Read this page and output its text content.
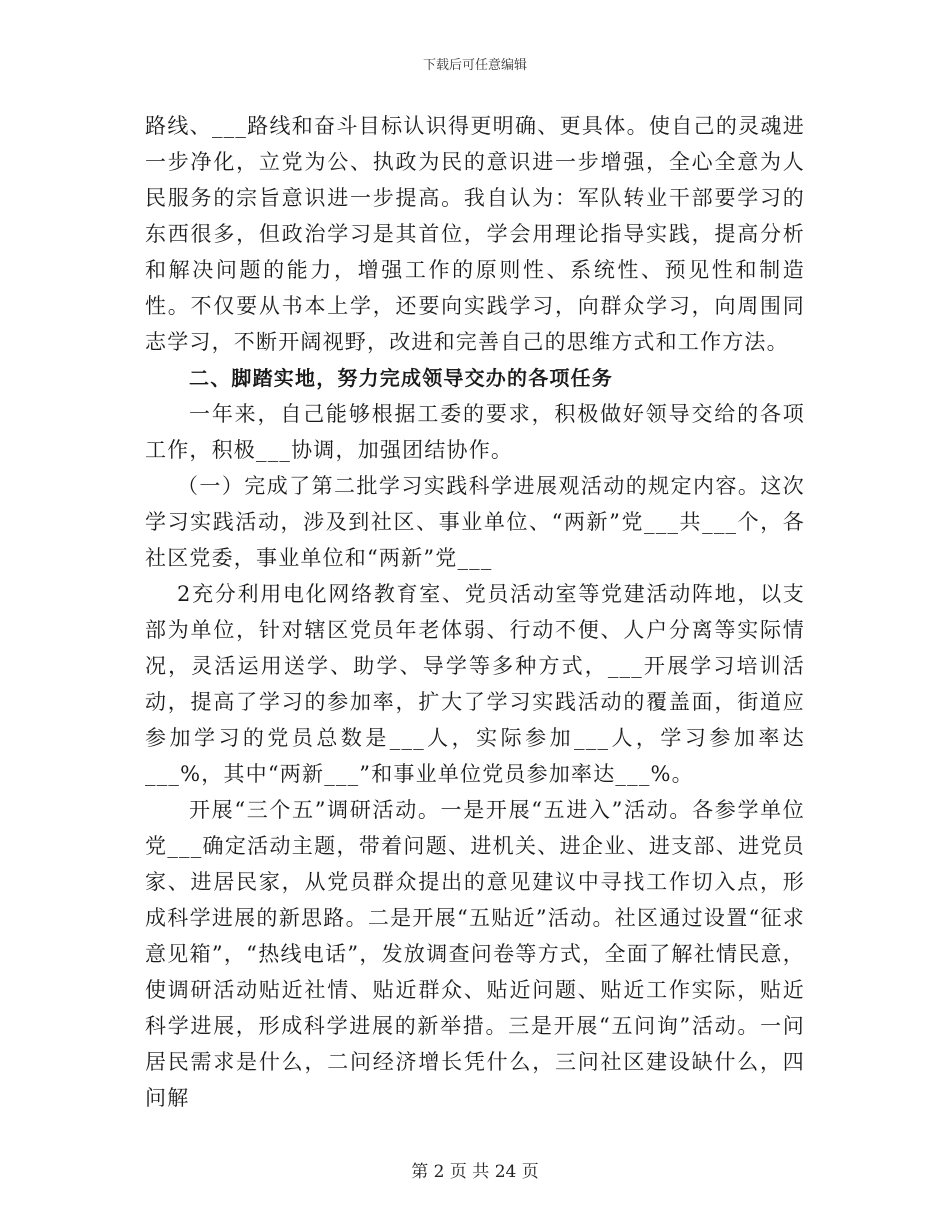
下载后可任意编辑

路线、___路线和奋斗目标认识得更明确、更具体。使自己的灵魂进一步净化，立党为公、执政为民的意识进一步增强，全心全意为人民服务的宗旨意识进一步提高。我自认为：军队转业干部要学习的东西很多，但政治学习是其首位，学会用理论指导实践，提高分析和解决问题的能力，增强工作的原则性、系统性、预见性和制造性。不仅要从书本上学，还要向实践学习，向群众学习，向周围同志学习，不断开阔视野，改进和完善自己的思维方式和工作方法。

二、脚踏实地，努力完成领导交办的各项任务

一年来，自己能够根据工委的要求，积极做好领导交给的各项工作，积极___协调，加强团结协作。

（一）完成了第二批学习实践科学进展观活动的规定内容。这次学习实践活动，涉及到社区、事业单位、“两新”党___共___个，各社区党委，事业单位和“两新”党___

2充分利用电化网络教育室、党员活动室等党建活动阵地，以支部为单位，针对辖区党员年老体弱、行动不便、人户分离等实际情况，灵活运用送学、助学、导学等多种方式，___开展学习培训活动，提高了学习的参加率，扩大了学习实践活动的覆盖面，街道应参加学习的党员总数是___人，实际参加___人，学习参加率达___%，其中“两新___”和事业单位党员参加率达___%。

开展“三个五”调研活动。一是开展“五进入”活动。各参学单位党___确定活动主题，带着问题、进机关、进企业、进支部、进党员家、进居民家，从党员群众提出的意见建议中寻找工作切入点，形成科学进展的新思路。二是开展“五贴近”活动。社区通过设置“征求意见箱”，“热线电话”，发放调查问卷等方式，全面了解社情民意，使调研活动贴近社情、贴近群众、贴近问题、贴近工作实际，贴近科学进展，形成科学进展的新举措。三是开展“五问询”活动。一问居民需求是什么，二问经济增长凭什么，三问社区建设缺什么，四问解

第 2 页 共 24 页
